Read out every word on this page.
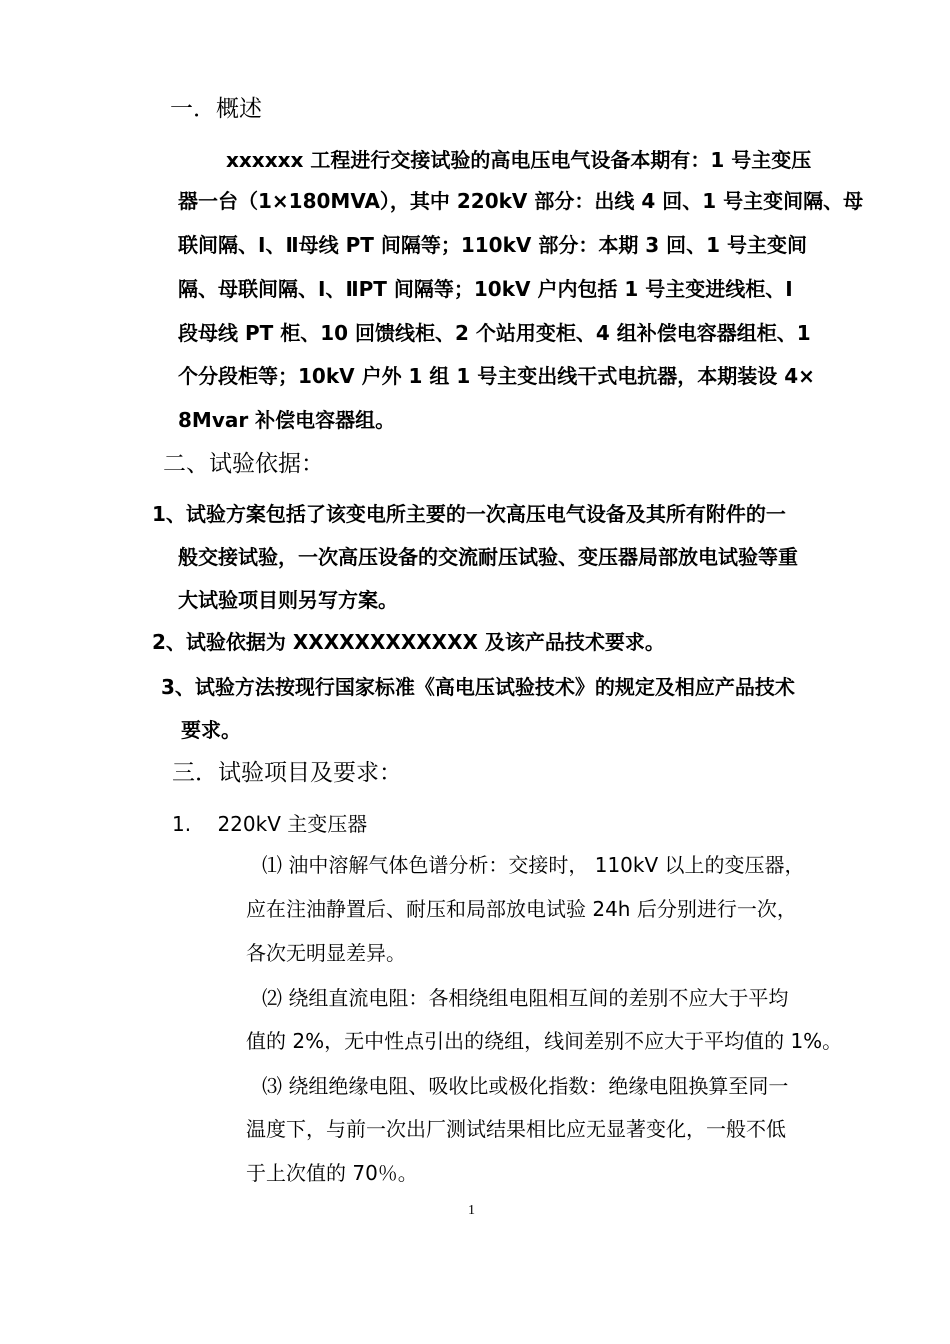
一．概述
xxxxxx 工程进行交接试验的高电压电气设备本期有：1 号主变压
器一台（1×180MVA），其中 220kV 部分：出线 4 回、1 号主变间隔、母
联间隔、Ⅰ、Ⅱ母线 PT 间隔等；110kV 部分：本期 3 回、1 号主变间
隔、母联间隔、Ⅰ、ⅡPT 间隔等；10kV 户内包括 1 号主变进线柜、Ⅰ
段母线 PT 柜、10 回馈线柜、2 个站用变柜、4 组补偿电容器组柜、1
个分段柜等；10kV 户外 1 组 1 号主变出线干式电抗器，本期装设 4×
8Mvar 补偿电容器组。
二、试验依据：
1、试验方案包括了该变电所主要的一次高压电气设备及其所有附件的一
般交接试验，一次高压设备的交流耐压试验、变压器局部放电试验等重
大试验项目则另写方案。
2、试验依据为 XXXXXXXXXXXX 及该产品技术要求。
3、试验方法按现行国家标准《高电压试验技术》的规定及相应产品技术
要求。
三．试验项目及要求：
1.　 220kV 主变压器
⑴ 油中溶解气体色谱分析：交接时， 110kV 以上的变压器，
应在注油静置后、耐压和局部放电试验 24h 后分别进行一次，
各次无明显差异。
⑵ 绕组直流电阻：各相绕组电阻相互间的差别不应大于平均
值的 2%，无中性点引出的绕组，线间差别不应大于平均值的 1%。
⑶ 绕组绝缘电阻、吸收比或极化指数：绝缘电阻换算至同一
温度下，与前一次出厂测试结果相比应无显著变化，一般不低
于上次值的 70％。
1
